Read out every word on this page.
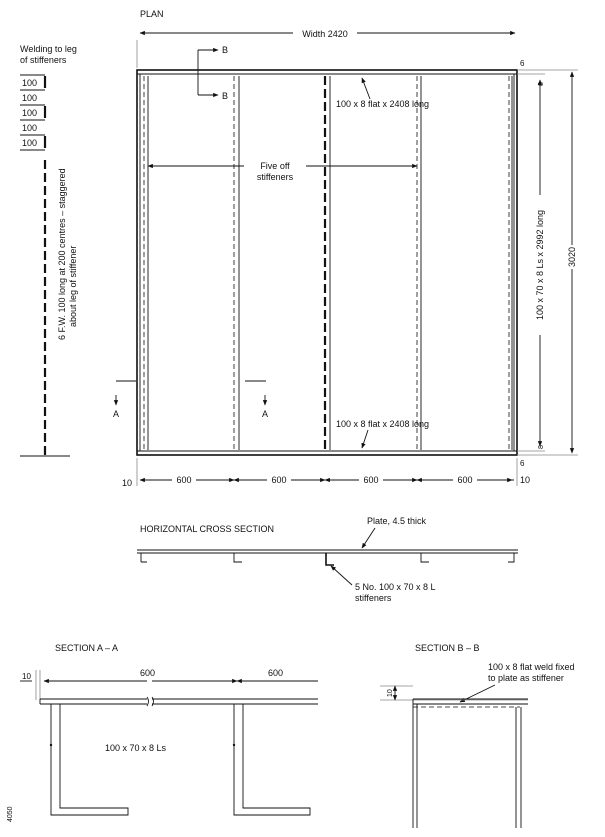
PLAN
Width 2420
Five off
stiffeners
100 x 8 flat x 2408 long
100 x 8 flat x 2408 long
B
B
A	A
600	600	600	600
10	10
3020
100 x 70 x 8 Ls x 2992 long
8
8
6
6
Welding to leg
of stiffeners
100
100
100
100
100
6 F.W. 100 long at 200 centres – staggered about leg of stiffener
HORIZONTAL CROSS SECTION
Plate, 4.5 thick
5 No. 100 x 70 x 8 L
stiffeners
SECTION A – A
10	600	600
100 x 70 x 8 Ls
4050
SECTION B – B
100 x 8 flat weld fixed
to plate as stiffener
10
